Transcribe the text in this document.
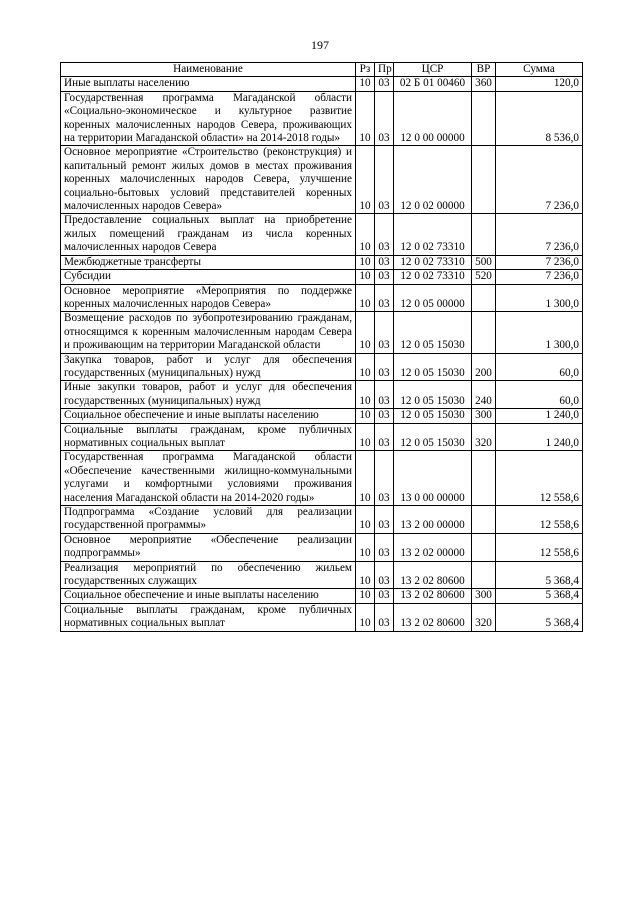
197
Наименование	Рз	Пр	ЦСР	ВР	Сумма
Иные выплаты населению	10	03	02 Б 01 00460	360	120,0
Государственная программа Магаданской области «Социально-экономическое и культурное развитие коренных малочисленных народов Севера, проживающих на территории Магаданской области» на 2014-2018 годы»	10	03	12 0 00 00000		8 536,0
Основное мероприятие «Строительство (реконструкция) и капитальный ремонт жилых домов в местах проживания коренных малочисленных народов Севера, улучшение социально-бытовых условий представителей коренных малочисленных народов Севера»	10	03	12 0 02 00000		7 236,0
Предоставление социальных выплат на приобретение жилых помещений гражданам из числа коренных малочисленных народов Севера	10	03	12 0 02 73310		7 236,0
Межбюджетные трансферты	10	03	12 0 02 73310	500	7 236,0
Субсидии	10	03	12 0 02 73310	520	7 236,0
Основное мероприятие «Мероприятия по поддержке коренных малочисленных народов Севера»	10	03	12 0 05 00000		1 300,0
Возмещение расходов по зубопротезированию гражданам, относящимся к коренным малочисленным народам Севера и проживающим на территории Магаданской области	10	03	12 0 05 15030		1 300,0
Закупка товаров, работ и услуг для обеспечения государственных (муниципальных) нужд	10	03	12 0 05 15030	200	60,0
Иные закупки товаров, работ и услуг для обеспечения государственных (муниципальных) нужд	10	03	12 0 05 15030	240	60,0
Социальное обеспечение и иные выплаты населению	10	03	12 0 05 15030	300	1 240,0
Социальные выплаты гражданам, кроме публичных нормативных социальных выплат	10	03	12 0 05 15030	320	1 240,0
Государственная программа Магаданской области «Обеспечение качественными жилищно-коммунальными услугами и комфортными условиями проживания населения Магаданской области на 2014-2020 годы»	10	03	13 0 00 00000		12 558,6
Подпрограмма «Создание условий для реализации государственной программы»	10	03	13 2 00 00000		12 558,6
Основное мероприятие «Обеспечение реализации подпрограммы»	10	03	13 2 02 00000		12 558,6
Реализация мероприятий по обеспечению жильем государственных служащих	10	03	13 2 02 80600		5 368,4
Социальное обеспечение и иные выплаты населению	10	03	13 2 02 80600	300	5 368,4
Социальные выплаты гражданам, кроме публичных нормативных социальных выплат	10	03	13 2 02 80600	320	5 368,4
